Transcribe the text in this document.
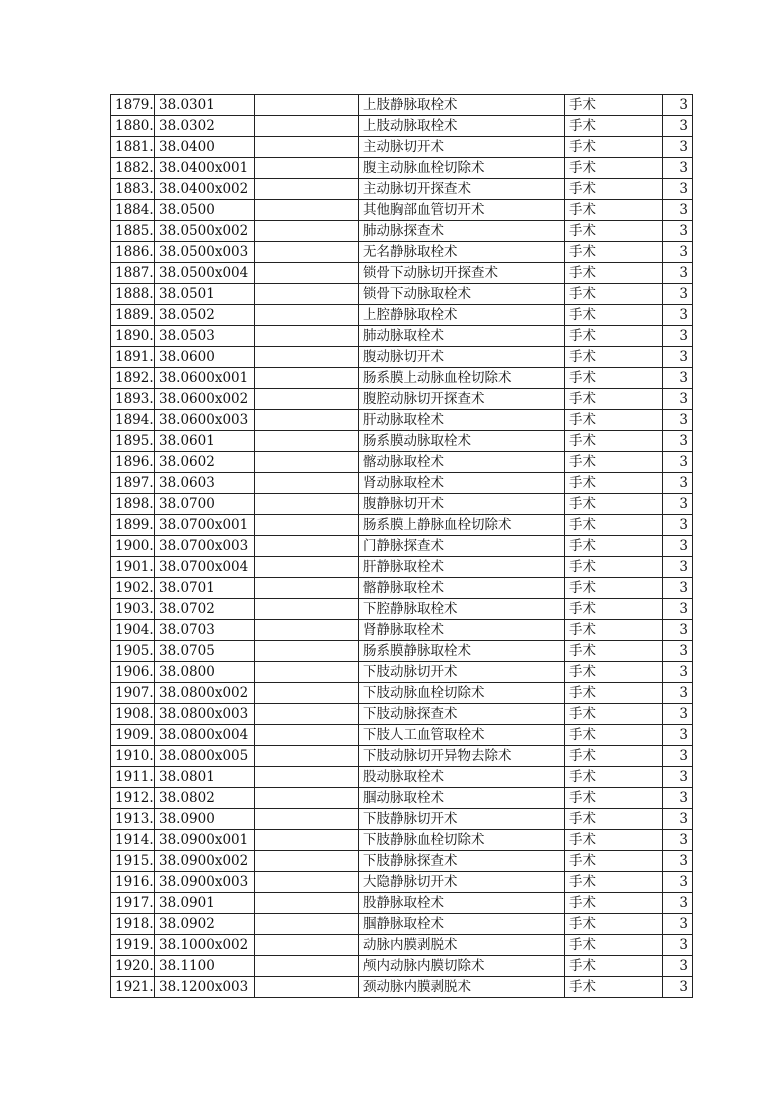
1879.	38.0301		上肢静脉取栓术	手术	3
1880.	38.0302		上肢动脉取栓术	手术	3
1881.	38.0400		主动脉切开术	手术	3
1882.	38.0400x001		腹主动脉血栓切除术	手术	3
1883.	38.0400x002		主动脉切开探查术	手术	3
1884.	38.0500		其他胸部血管切开术	手术	3
1885.	38.0500x002		肺动脉探查术	手术	3
1886.	38.0500x003		无名静脉取栓术	手术	3
1887.	38.0500x004		锁骨下动脉切开探查术	手术	3
1888.	38.0501		锁骨下动脉取栓术	手术	3
1889.	38.0502		上腔静脉取栓术	手术	3
1890.	38.0503		肺动脉取栓术	手术	3
1891.	38.0600		腹动脉切开术	手术	3
1892.	38.0600x001		肠系膜上动脉血栓切除术	手术	3
1893.	38.0600x002		腹腔动脉切开探查术	手术	3
1894.	38.0600x003		肝动脉取栓术	手术	3
1895.	38.0601		肠系膜动脉取栓术	手术	3
1896.	38.0602		髂动脉取栓术	手术	3
1897.	38.0603		肾动脉取栓术	手术	3
1898.	38.0700		腹静脉切开术	手术	3
1899.	38.0700x001		肠系膜上静脉血栓切除术	手术	3
1900.	38.0700x003		门静脉探查术	手术	3
1901.	38.0700x004		肝静脉取栓术	手术	3
1902.	38.0701		髂静脉取栓术	手术	3
1903.	38.0702		下腔静脉取栓术	手术	3
1904.	38.0703		肾静脉取栓术	手术	3
1905.	38.0705		肠系膜静脉取栓术	手术	3
1906.	38.0800		下肢动脉切开术	手术	3
1907.	38.0800x002		下肢动脉血栓切除术	手术	3
1908.	38.0800x003		下肢动脉探查术	手术	3
1909.	38.0800x004		下肢人工血管取栓术	手术	3
1910.	38.0800x005		下肢动脉切开异物去除术	手术	3
1911.	38.0801		股动脉取栓术	手术	3
1912.	38.0802		腘动脉取栓术	手术	3
1913.	38.0900		下肢静脉切开术	手术	3
1914.	38.0900x001		下肢静脉血栓切除术	手术	3
1915.	38.0900x002		下肢静脉探查术	手术	3
1916.	38.0900x003		大隐静脉切开术	手术	3
1917.	38.0901		股静脉取栓术	手术	3
1918.	38.0902		腘静脉取栓术	手术	3
1919.	38.1000x002		动脉内膜剥脱术	手术	3
1920.	38.1100		颅内动脉内膜切除术	手术	3
1921.	38.1200x003		颈动脉内膜剥脱术	手术	3
